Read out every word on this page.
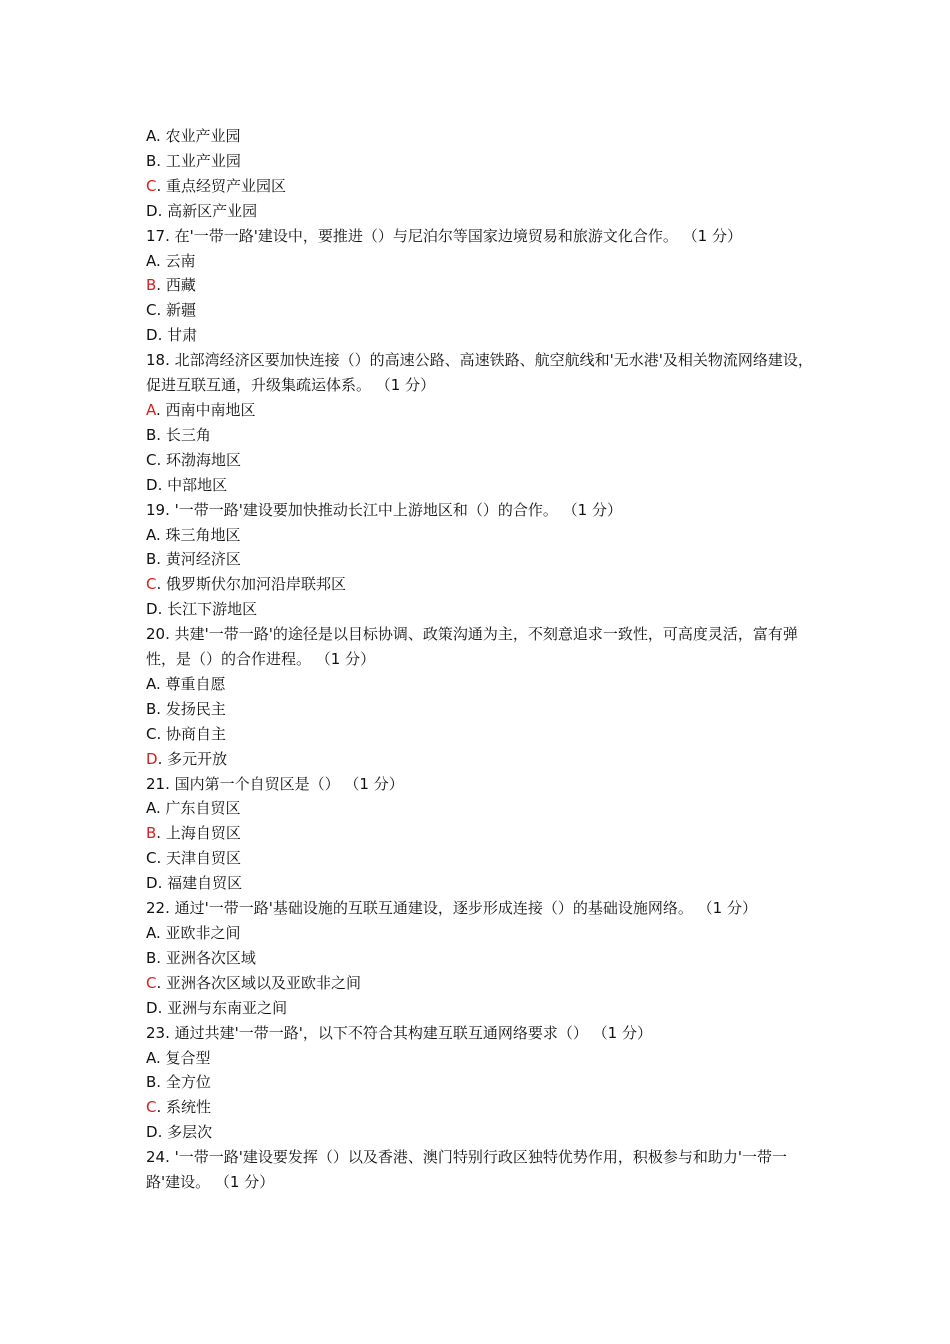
A. 农业产业园
B. 工业产业园
C. 重点经贸产业园区
D. 高新区产业园
17. 在'一带一路'建设中，要推进（）与尼泊尔等国家边境贸易和旅游文化合作。 （1 分）
A. 云南
B. 西藏
C. 新疆
D. 甘肃
18. 北部湾经济区要加快连接（）的高速公路、高速铁路、航空航线和'无水港'及相关物流网络建设，促进互联互通，升级集疏运体系。 （1 分）
A. 西南中南地区
B. 长三角
C. 环渤海地区
D. 中部地区
19. '一带一路'建设要加快推动长江中上游地区和（）的合作。 （1 分）
A. 珠三角地区
B. 黄河经济区
C. 俄罗斯伏尔加河沿岸联邦区
D. 长江下游地区
20. 共建'一带一路'的途径是以目标协调、政策沟通为主，不刻意追求一致性，可高度灵活，富有弹性，是（）的合作进程。 （1 分）
A. 尊重自愿
B. 发扬民主
C. 协商自主
D. 多元开放
21. 国内第一个自贸区是（） （1 分）
A. 广东自贸区
B. 上海自贸区
C. 天津自贸区
D. 福建自贸区
22. 通过'一带一路'基础设施的互联互通建设，逐步形成连接（）的基础设施网络。 （1 分）
A. 亚欧非之间
B. 亚洲各次区域
C. 亚洲各次区域以及亚欧非之间
D. 亚洲与东南亚之间
23. 通过共建'一带一路'，以下不符合其构建互联互通网络要求（） （1 分）
A. 复合型
B. 全方位
C. 系统性
D. 多层次
24. '一带一路'建设要发挥（）以及香港、澳门特别行政区独特优势作用，积极参与和助力'一带一路'建设。 （1 分）
